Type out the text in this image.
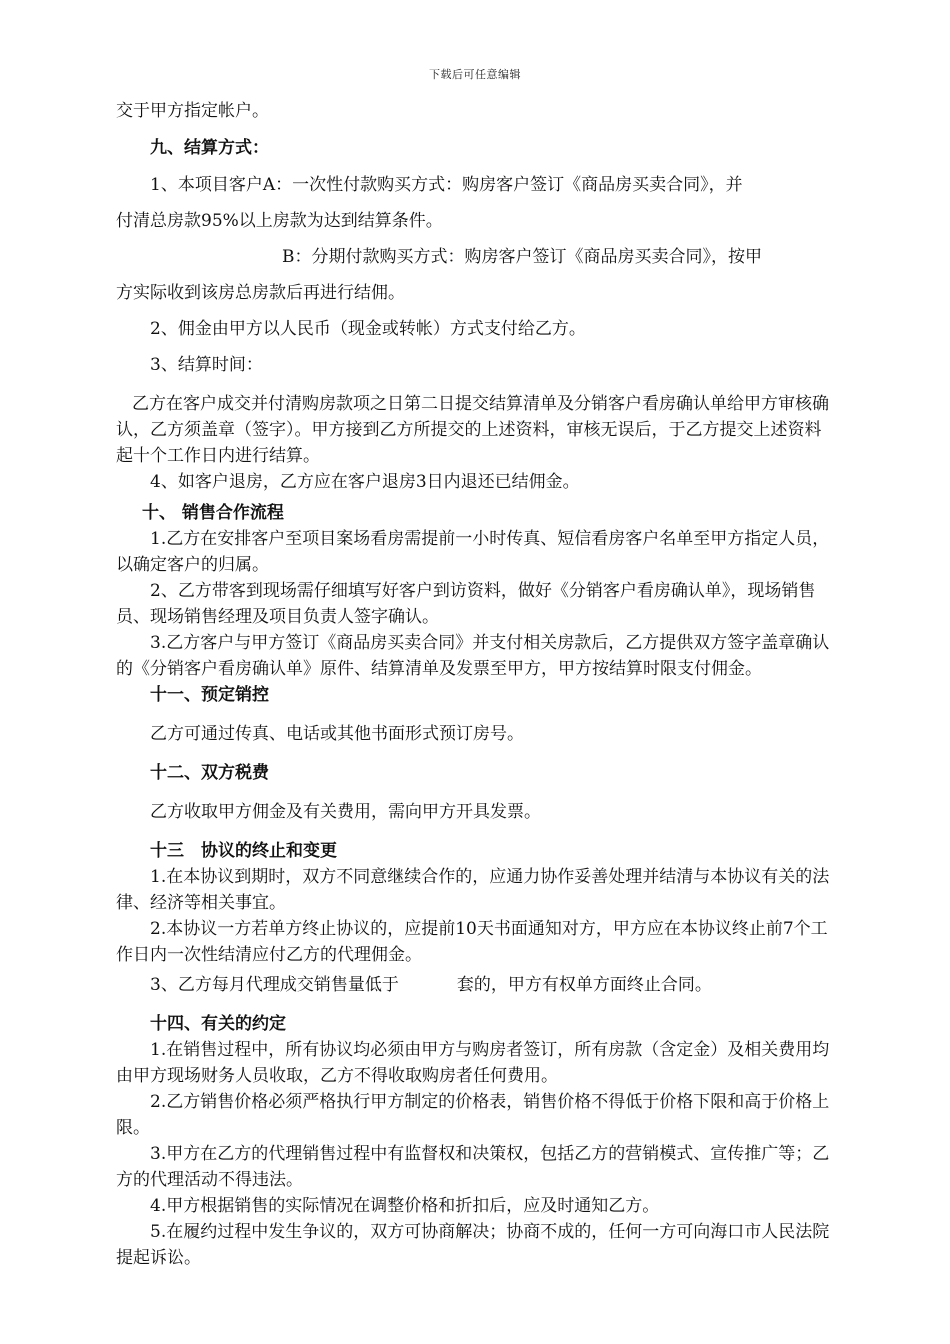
下载后可任意编辑

交于甲方指定帐户。

九、结算方式：

1、本项目客户A：一次性付款购买方式：购房客户签订《商品房买卖合同》，并

付清总房款95%以上房款为达到结算条件。

B：分期付款购买方式：购房客户签订《商品房买卖合同》，按甲

方实际收到该房总房款后再进行结佣。

2、佣金由甲方以人民币（现金或转帐）方式支付给乙方。

3、结算时间：

乙方在客户成交并付清购房款项之日第二日提交结算清单及分销客户看房确认单给甲方审核确认，乙方须盖章（签字）。甲方接到乙方所提交的上述资料，审核无误后，于乙方提交上述资料起十个工作日内进行结算。

4、如客户退房，乙方应在客户退房3日内退还已结佣金。

十、 销售合作流程

1.乙方在安排客户至项目案场看房需提前一小时传真、短信看房客户名单至甲方指定人员，以确定客户的归属。

2、乙方带客到现场需仔细填写好客户到访资料，做好《分销客户看房确认单》，现场销售员、现场销售经理及项目负责人签字确认。

3.乙方客户与甲方签订《商品房买卖合同》并支付相关房款后，乙方提供双方签字盖章确认的《分销客户看房确认单》原件、结算清单及发票至甲方，甲方按结算时限支付佣金。

十一、预定销控

乙方可通过传真、电话或其他书面形式预订房号。

十二、双方税费

乙方收取甲方佣金及有关费用，需向甲方开具发票。

十三　协议的终止和变更

1.在本协议到期时，双方不同意继续合作的，应通力协作妥善处理并结清与本协议有关的法律、经济等相关事宜。

2.本协议一方若单方终止协议的，应提前10天书面通知对方，甲方应在本协议终止前7个工作日内一次性结清应付乙方的代理佣金。

3、乙方每月代理成交销售量低于	套的，甲方有权单方面终止合同。

十四、有关的约定

1.在销售过程中，所有协议均必须由甲方与购房者签订，所有房款（含定金）及相关费用均由甲方现场财务人员收取，乙方不得收取购房者任何费用。

2.乙方销售价格必须严格执行甲方制定的价格表，销售价格不得低于价格下限和高于价格上限。

3.甲方在乙方的代理销售过程中有监督权和决策权，包括乙方的营销模式、宣传推广等；乙方的代理活动不得违法。

4.甲方根据销售的实际情况在调整价格和折扣后，应及时通知乙方。

5.在履约过程中发生争议的，双方可协商解决；协商不成的，任何一方可向海口市人民法院提起诉讼。
